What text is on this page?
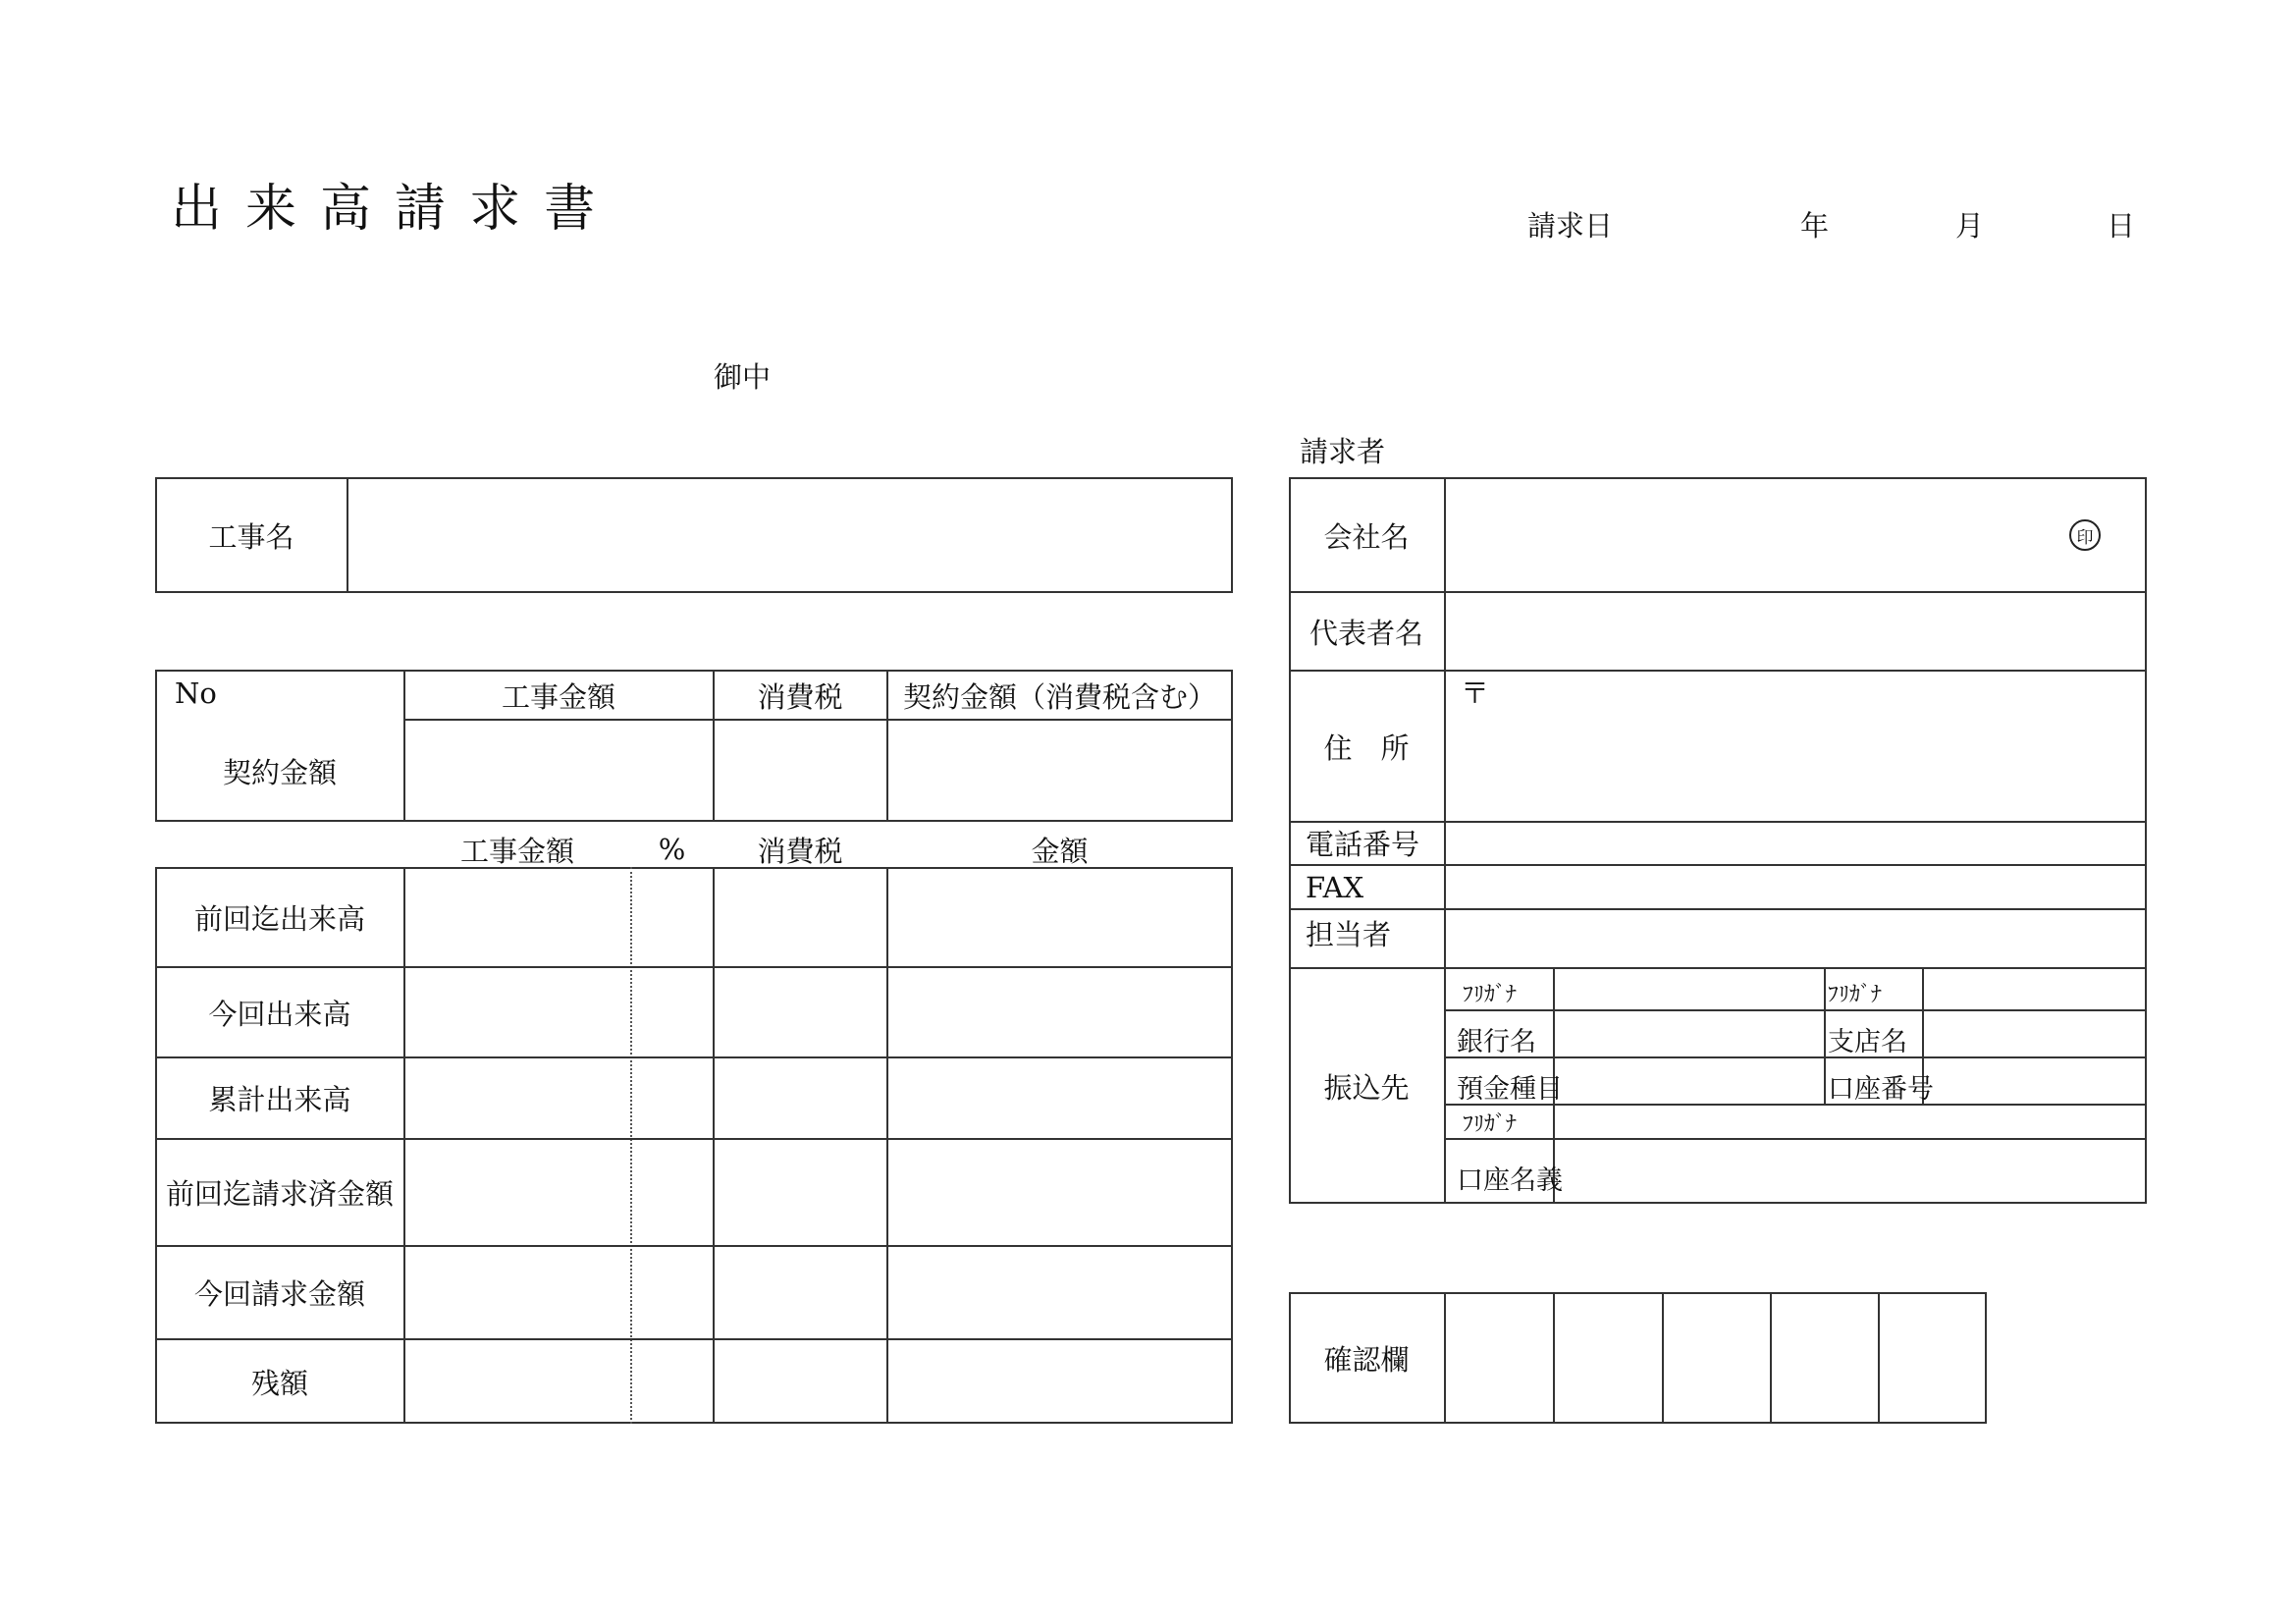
出 来 高 請 求 書	請求日	年	月	日
御中
工事名
No
契約金額
工事金額	消費税	契約金額（消費税含む）
工事金額	%	消費税	金額
前回迄出来高
今回出来高
累計出来高
前回迄請求済金額
今回請求金額
残額
請求者
会社名	印
代表者名
住　所
〒
電話番号
FAX
担当者
振込先
ﾌﾘｶﾞﾅ	ﾌﾘｶﾞﾅ
銀行名	支店名
預金種目	口座番号
ﾌﾘｶﾞﾅ
口座名義
確認欄
